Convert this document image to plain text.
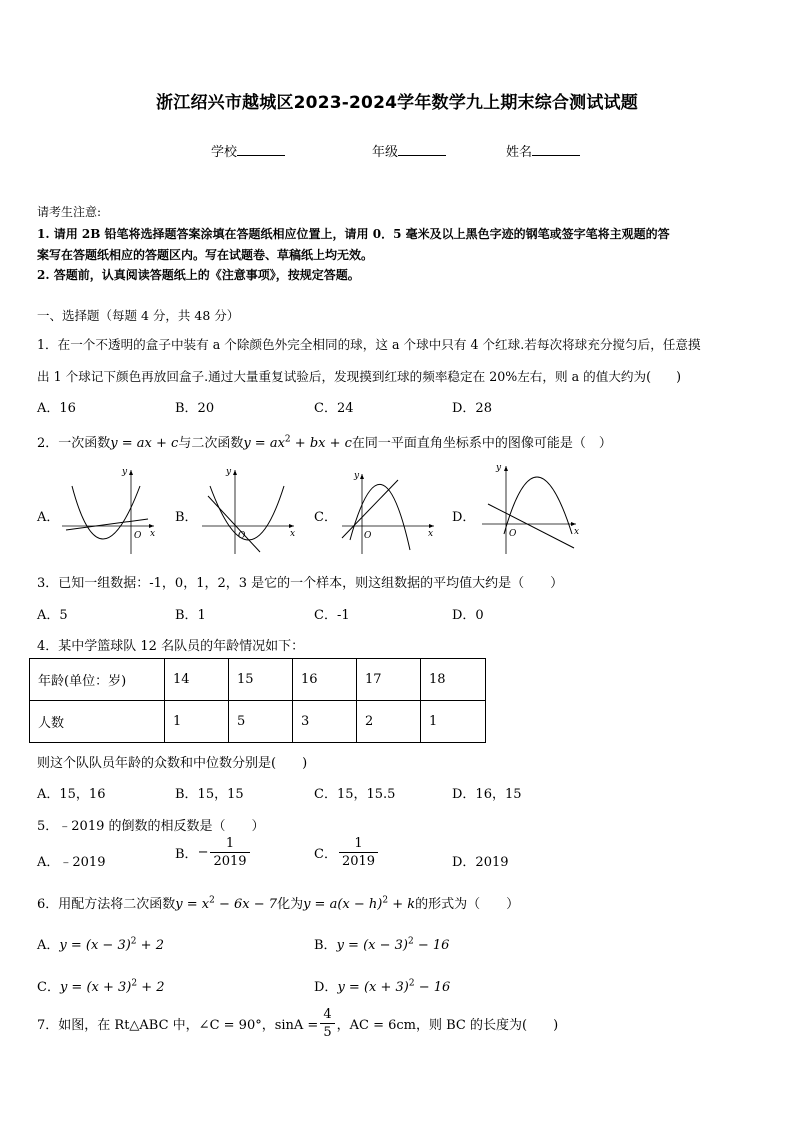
浙江绍兴市越城区2023-2024学年数学九上期末综合测试试题
学校	年级	姓名
请考生注意:
1. 请用 2B 铅笔将选择题答案涂填在答题纸相应位置上，请用 0．5 毫米及以上黑色字迹的钢笔或签字笔将主观题的答
案写在答题纸相应的答题区内。写在试题卷、草稿纸上均无效。
2. 答题前，认真阅读答题纸上的《注意事项》，按规定答题。
一、选择题（每题 4 分，共 48 分）
1．在一个不透明的盒子中装有 a 个除颜色外完全相同的球，这 a 个球中只有 4 个红球.若每次将球充分搅匀后，任意摸
出 1 个球记下颜色再放回盒子.通过大量重复试验后，发现摸到红球的频率稳定在 20%左右，则 a 的值大约为(　　)
A．16	B．20	C．24	D．28
2．一次函数y = ax + c与二次函数$y = ax^2$ + bx + c在同一平面直角坐标系中的图像可能是（　）
A．	B．	C．	D．
y
x
O
y
x
O
y
x
O
y
x
O
3．已知一组数据：-1，0，1，2，3 是它的一个样本，则这组数据的平均值大约是（　　）
A．5	B．1	C．-1	D．0
4．某中学篮球队 12 名队员的年龄情况如下：
年龄(单位：岁)	14	15	16	17	18
人数	1	5	3	2	1
则这个队队员年龄的众数和中位数分别是(　　)
A．15，16	B．15，15	C．15，15.5	D．16，15
5．﹣2019 的倒数的相反数是（　　）
A．﹣2019
B．− $\frac{1}{2019}$	C． $\frac{1}{2019}$	D．2019
6．用配方法将二次函数$y = x^2 - 6x - 7$化为$y = a(x - h)^2 + k$的形式为（　　）
A．$y = (x - 3)^2 + 2$	B．$y = (x - 3)^2 - 16$
C．$y = (x + 3)^2 + 2$	D．$y = (x + 3)^2 - 16$
7．如图，在 Rt△ABC 中，∠C = 90°，$\sin A = \frac{4}{5}$ ，AC = 6cm，则 BC 的长度为(　　)
